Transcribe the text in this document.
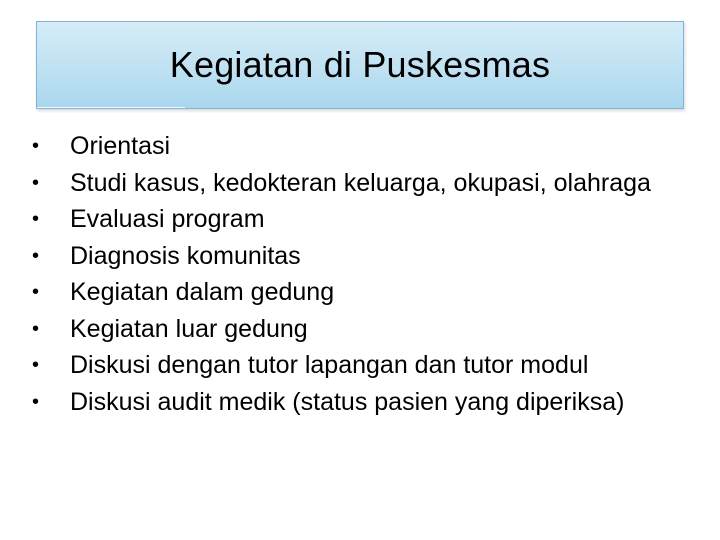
Kegiatan di Puskesmas
• Orientasi
• Studi kasus, kedokteran keluarga, okupasi, olahraga
• Evaluasi program
• Diagnosis komunitas
• Kegiatan dalam gedung
• Kegiatan luar gedung
• Diskusi dengan tutor lapangan dan tutor modul
• Diskusi audit medik (status pasien yang diperiksa)
